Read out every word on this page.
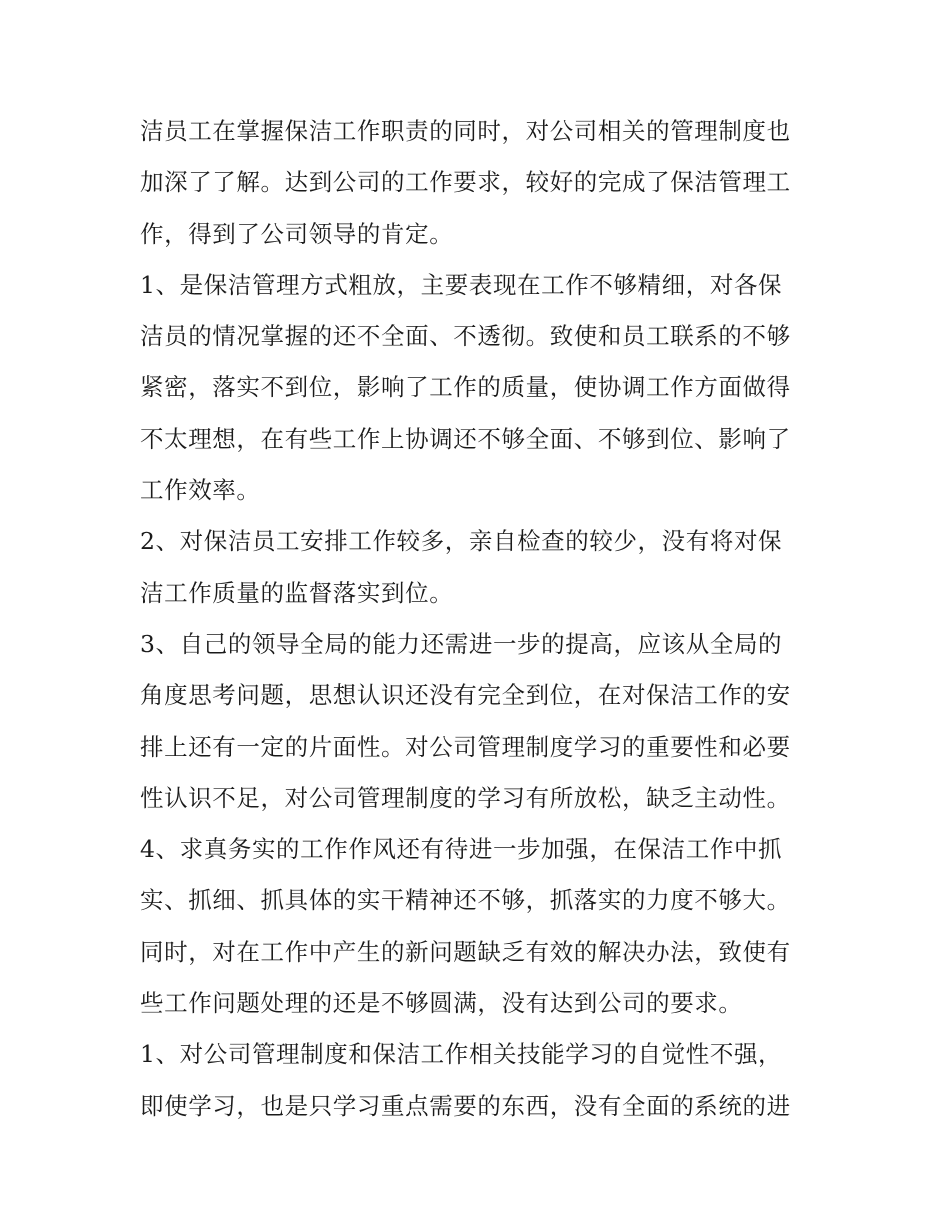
洁员工在掌握保洁工作职责的同时，对公司相关的管理制度也
加深了了解。达到公司的工作要求，较好的完成了保洁管理工
作，得到了公司领导的肯定。
1、是保洁管理方式粗放，主要表现在工作不够精细，对各保
洁员的情况掌握的还不全面、不透彻。致使和员工联系的不够
紧密，落实不到位，影响了工作的质量，使协调工作方面做得
不太理想，在有些工作上协调还不够全面、不够到位、影响了
工作效率。
2、对保洁员工安排工作较多，亲自检查的较少，没有将对保
洁工作质量的监督落实到位。
3、自己的领导全局的能力还需进一步的提高，应该从全局的
角度思考问题，思想认识还没有完全到位，在对保洁工作的安
排上还有一定的片面性。对公司管理制度学习的重要性和必要
性认识不足，对公司管理制度的学习有所放松，缺乏主动性。
4、求真务实的工作作风还有待进一步加强，在保洁工作中抓
实、抓细、抓具体的实干精神还不够，抓落实的力度不够大。
同时，对在工作中产生的新问题缺乏有效的解决办法，致使有
些工作问题处理的还是不够圆满，没有达到公司的要求。
1、对公司管理制度和保洁工作相关技能学习的自觉性不强，
即使学习，也是只学习重点需要的东西，没有全面的系统的进
